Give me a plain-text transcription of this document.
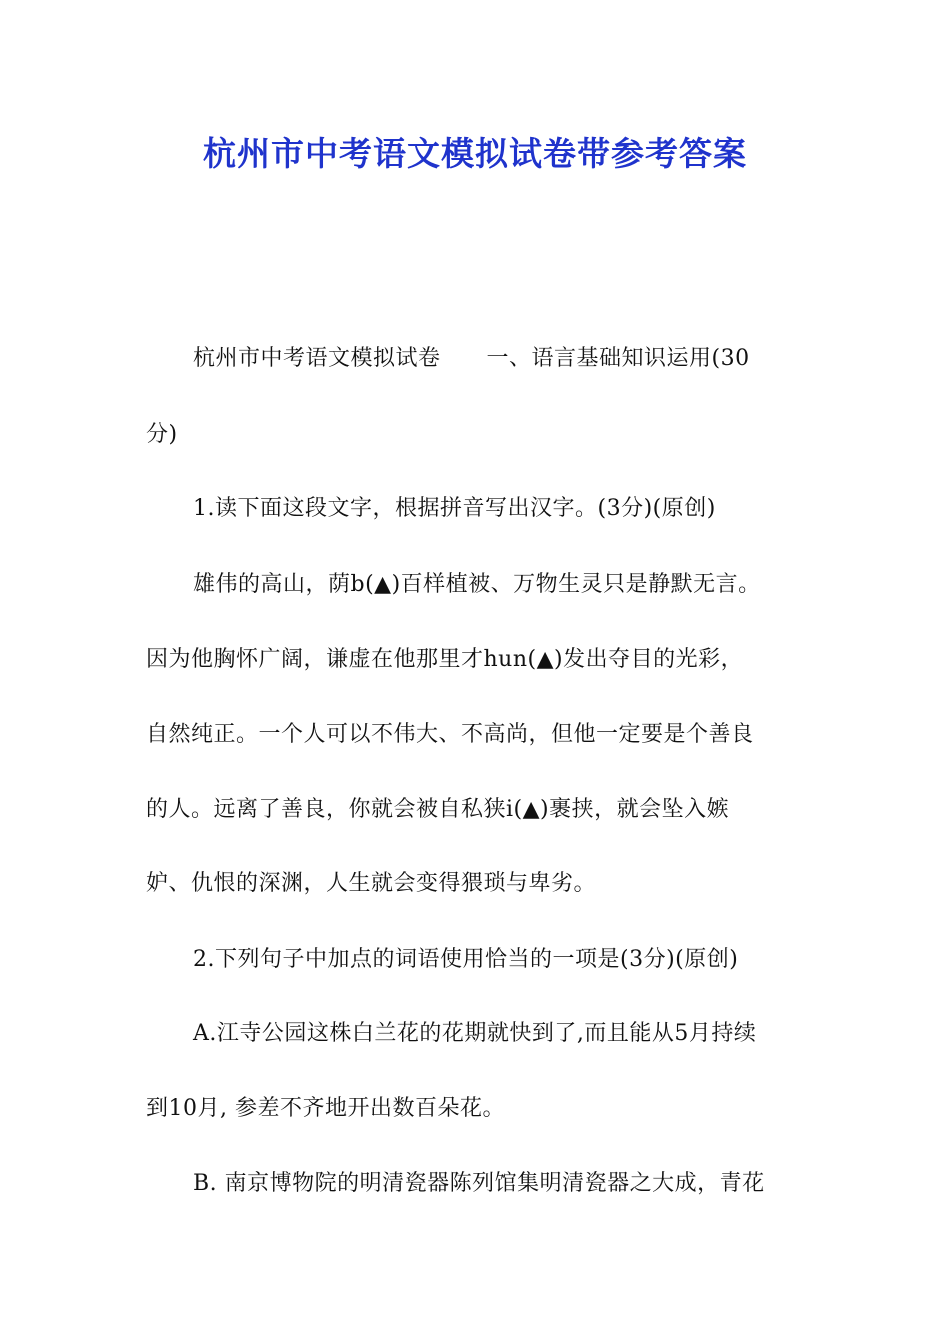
杭州市中考语文模拟试卷带参考答案
杭州市中考语文模拟试卷 一、语言基础知识运用(30
分)
1.读下面这段文字，根据拼音写出汉字。(3分)(原创)
雄伟的高山，荫b(▲)百样植被、万物生灵只是静默无言。
因为他胸怀广阔，谦虚在他那里才hun(▲)发出夺目的光彩，
自然纯正。一个人可以不伟大、不高尚，但他一定要是个善良
的人。远离了善良，你就会被自私狭i(▲)裹挟，就会坠入嫉
妒、仇恨的深渊，人生就会变得猥琐与卑劣。
2.下列句子中加点的词语使用恰当的一项是(3分)(原创)
A.江寺公园这株白兰花的花期就快到了,而且能从5月持续
到10月, 参差不齐地开出数百朵花。
B. 南京博物院的明清瓷器陈列馆集明清瓷器之大成，青花
